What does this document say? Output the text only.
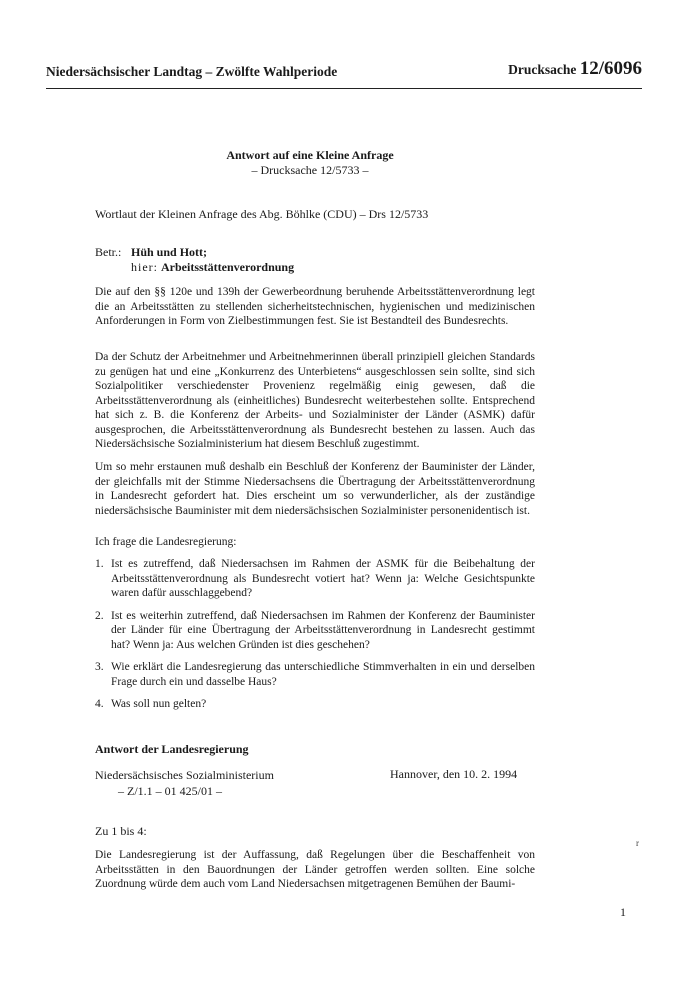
Niedersächsischer Landtag – Zwölfte Wahlperiode	Drucksache 12/6096
Antwort auf eine Kleine Anfrage
– Drucksache 12/5733 –
Wortlaut der Kleinen Anfrage des Abg. Böhlke (CDU) – Drs 12/5733
Betr.: Hüh und Hott;
hier: Arbeitsstättenverordnung
Die auf den §§ 120e und 139h der Gewerbeordnung beruhende Arbeitsstättenverordnung legt die an Arbeitsstätten zu stellenden sicherheitstechnischen, hygienischen und medizinischen Anforderungen in Form von Zielbestimmungen fest. Sie ist Bestandteil des Bundesrechts.
Da der Schutz der Arbeitnehmer und Arbeitnehmerinnen überall prinzipiell gleichen Standards zu genügen hat und eine „Konkurrenz des Unterbietens“ ausgeschlossen sein sollte, sind sich Sozialpolitiker verschiedenster Provenienz regelmäßig einig gewesen, daß die Arbeitsstättenverordnung als (einheitliches) Bundesrecht weiterbestehen sollte. Entsprechend hat sich z. B. die Konferenz der Arbeits- und Sozialminister der Länder (ASMK) dafür ausgesprochen, die Arbeitsstättenverordnung als Bundesrecht bestehen zu lassen. Auch das Niedersächsische Sozialministerium hat diesem Beschluß zugestimmt.
Um so mehr erstaunen muß deshalb ein Beschluß der Konferenz der Bauminister der Länder, der gleichfalls mit der Stimme Niedersachsens die Übertragung der Arbeitsstättenverordnung in Landesrecht gefordert hat. Dies erscheint um so verwunderlicher, als der zuständige niedersächsische Bauminister mit dem niedersächsischen Sozialminister personenidentisch ist.
Ich frage die Landesregierung:
1. Ist es zutreffend, daß Niedersachsen im Rahmen der ASMK für die Beibehaltung der Arbeitsstättenverordnung als Bundesrecht votiert hat? Wenn ja: Welche Gesichtspunkte waren dafür ausschlaggebend?
2. Ist es weiterhin zutreffend, daß Niedersachsen im Rahmen der Konferenz der Bauminister der Länder für eine Übertragung der Arbeitsstättenverordnung in Landesrecht gestimmt hat? Wenn ja: Aus welchen Gründen ist dies geschehen?
3. Wie erklärt die Landesregierung das unterschiedliche Stimmverhalten in ein und derselben Frage durch ein und dasselbe Haus?
4. Was soll nun gelten?
Antwort der Landesregierung
Niedersächsisches Sozialministerium
– Z/1.1 – 01 425/01 –
Hannover, den 10. 2. 1994
Zu 1 bis 4:
Die Landesregierung ist der Auffassung, daß Regelungen über die Beschaffenheit von Arbeitsstätten in den Bauordnungen der Länder getroffen werden sollten. Eine solche Zuordnung würde dem auch vom Land Niedersachsen mitgetragenen Bemühen der Baumi-
r
1
